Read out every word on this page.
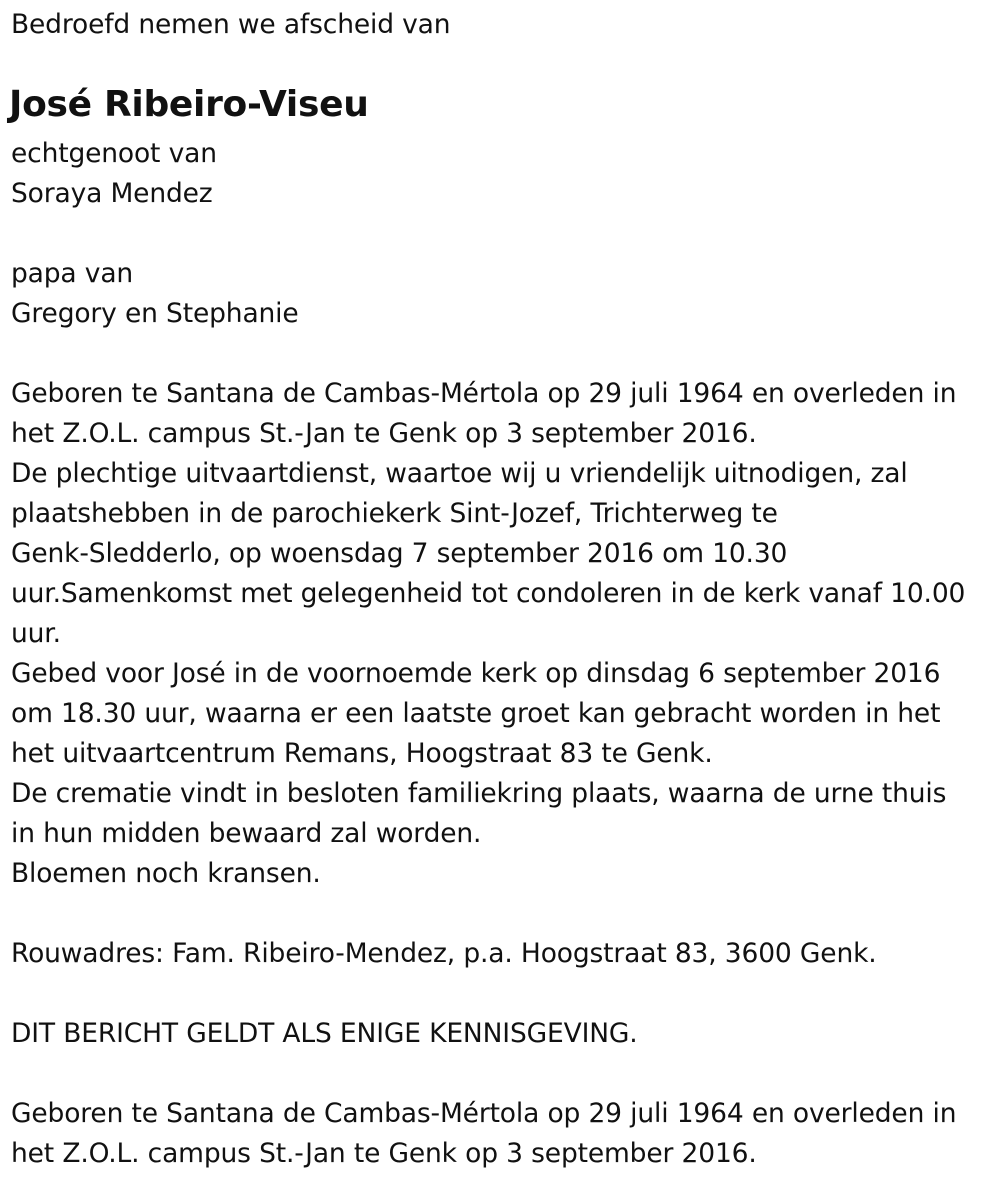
Bedroefd nemen we afscheid van
José Ribeiro-Viseu
echtgenoot van
Soraya Mendez
papa van
Gregory en Stephanie
Geboren te Santana de Cambas-Mértola op 29 juli 1964 en overleden in
het Z.O.L. campus St.-Jan te Genk op 3 september 2016.
De plechtige uitvaartdienst, waartoe wij u vriendelijk uitnodigen, zal
plaatshebben in de parochiekerk Sint-Jozef, Trichterweg te
Genk-Sledderlo, op woensdag 7 september 2016 om 10.30
uur.Samenkomst met gelegenheid tot condoleren in de kerk vanaf 10.00
uur.
Gebed voor José in de voornoemde kerk op dinsdag 6 september 2016
om 18.30 uur, waarna er een laatste groet kan gebracht worden in het
het uitvaartcentrum Remans, Hoogstraat 83 te Genk.
De crematie vindt in besloten familiekring plaats, waarna de urne thuis
in hun midden bewaard zal worden.
Bloemen noch kransen.
Rouwadres: Fam. Ribeiro-Mendez, p.a. Hoogstraat 83, 3600 Genk.
DIT BERICHT GELDT ALS ENIGE KENNISGEVING.
Geboren te Santana de Cambas-Mértola op 29 juli 1964 en overleden in
het Z.O.L. campus St.-Jan te Genk op 3 september 2016.
